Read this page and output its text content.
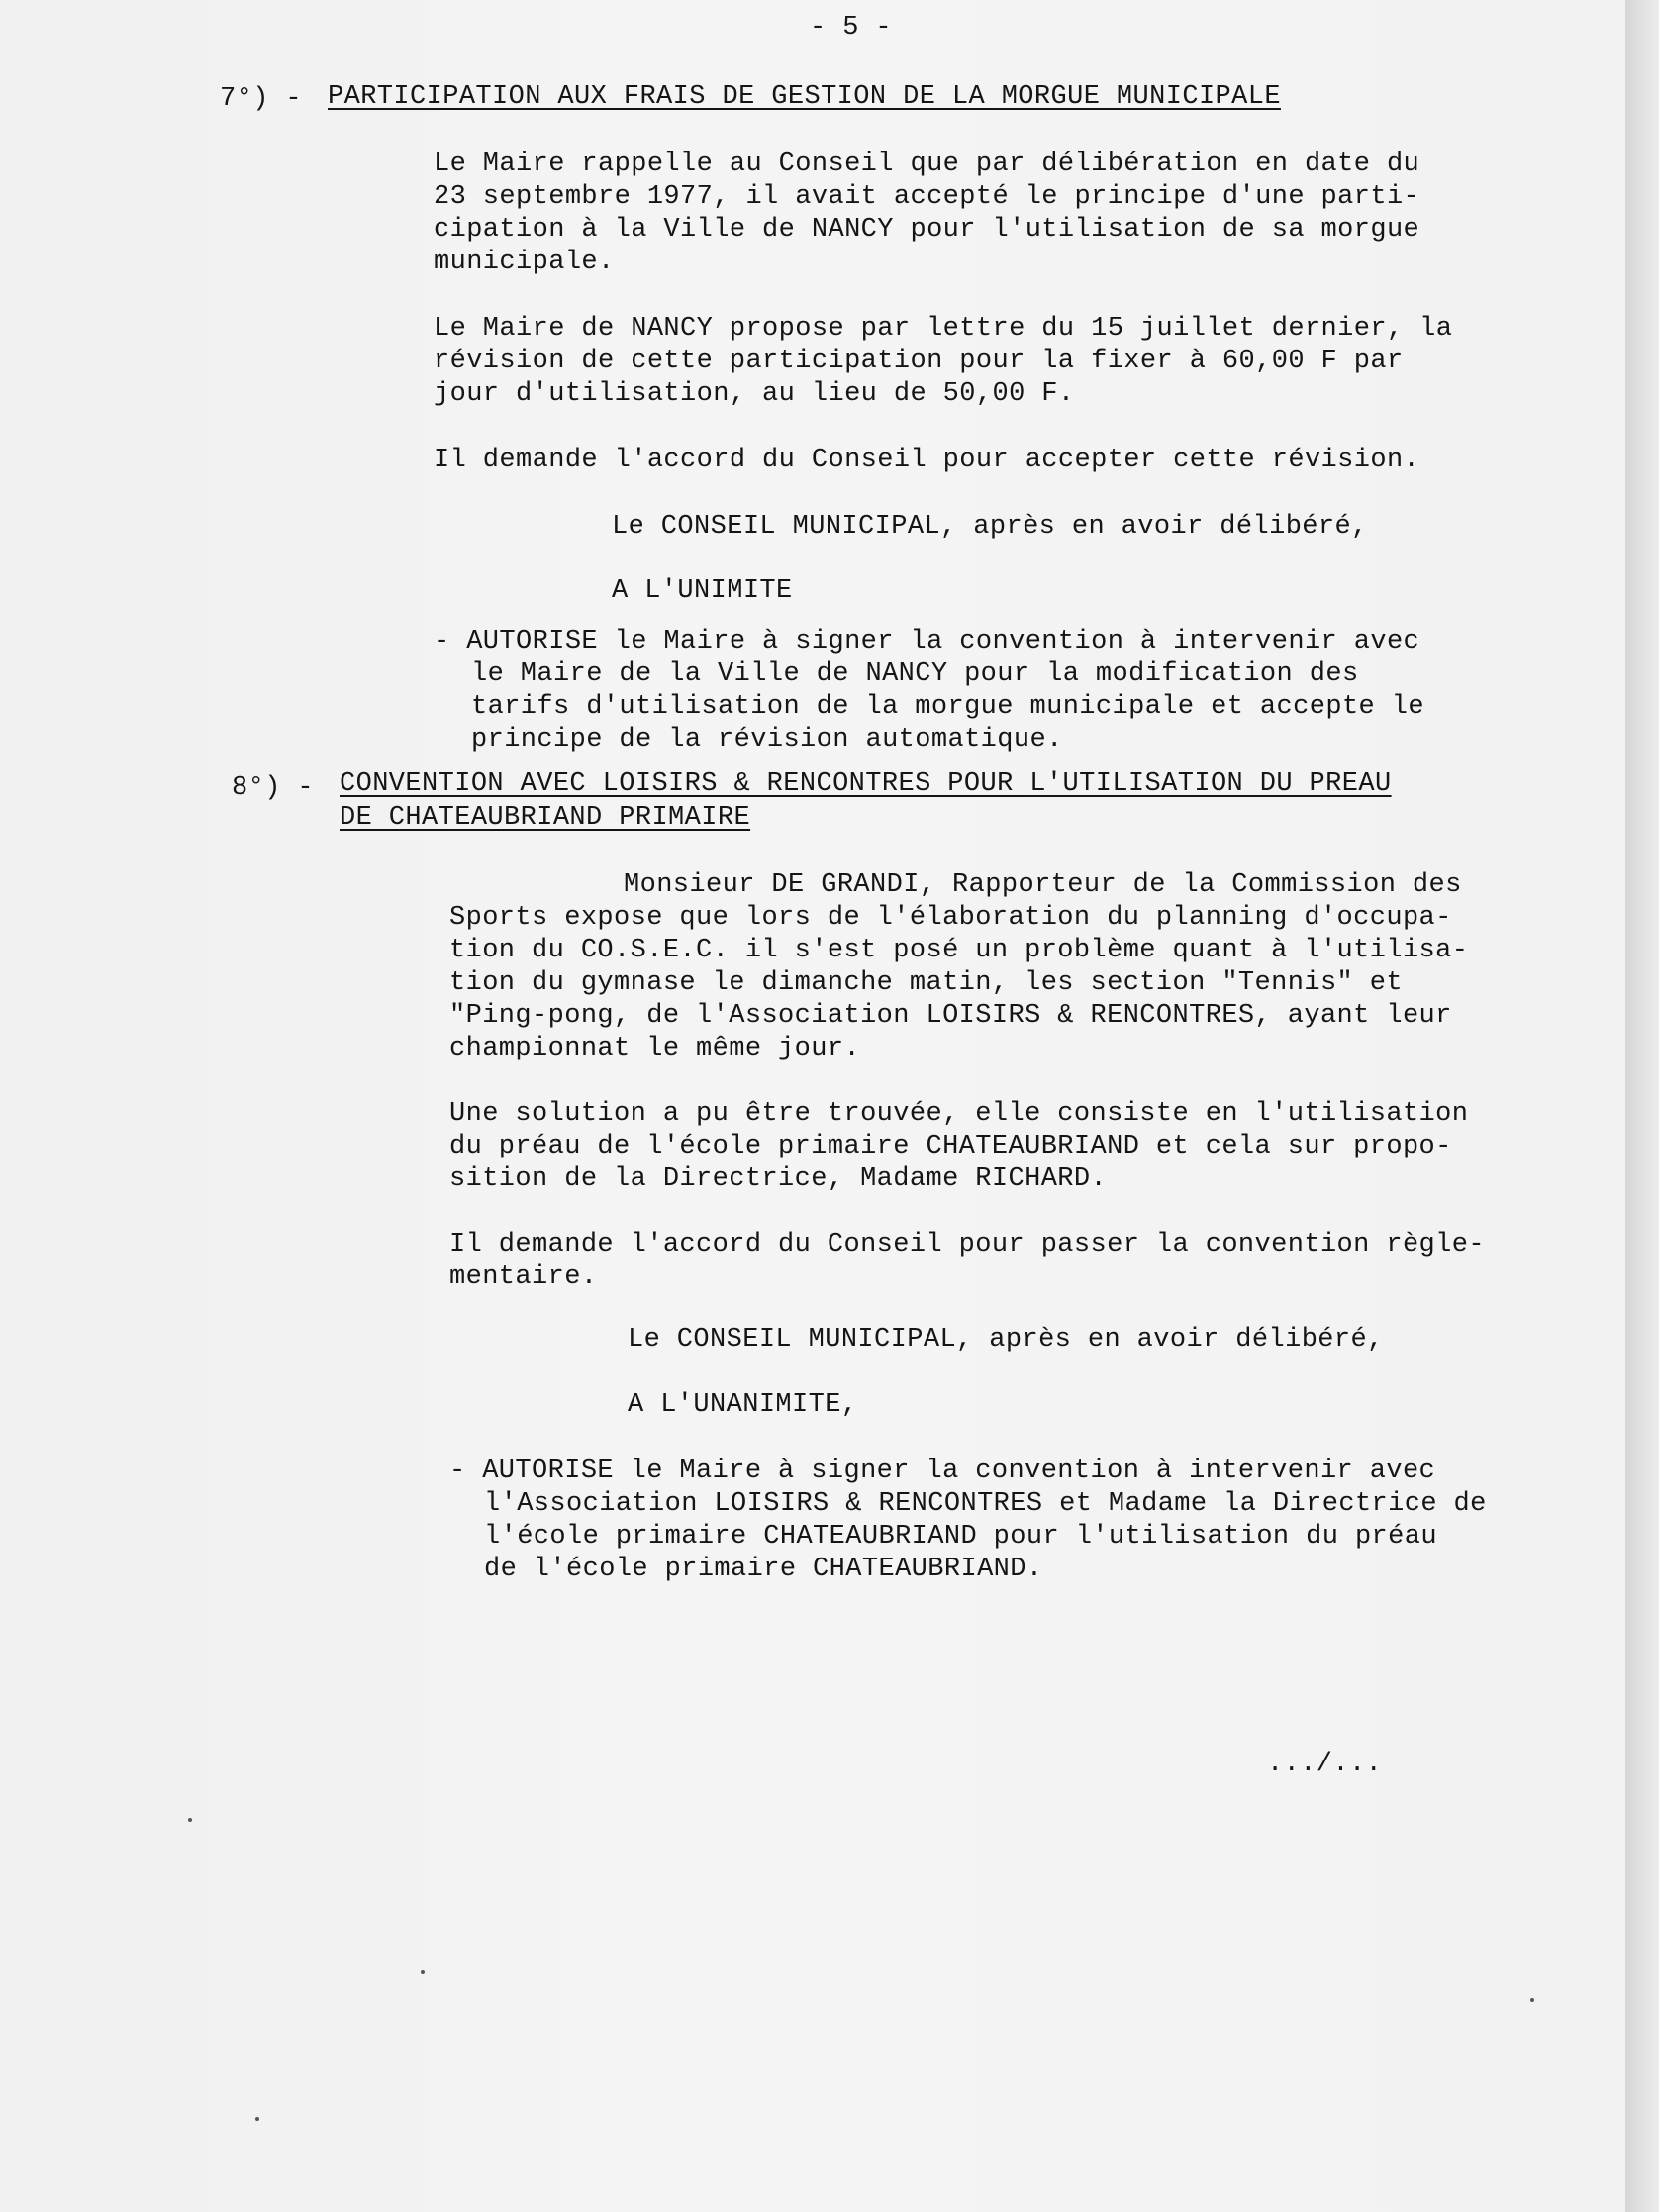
- 5 -
7°) - PARTICIPATION AUX FRAIS DE GESTION DE LA MORGUE MUNICIPALE
Le Maire rappelle au Conseil que par délibération en date du
23 septembre 1977, il avait accepté le principe d'une parti-
cipation à la Ville de NANCY pour l'utilisation de sa morgue
municipale.
Le Maire de NANCY propose par lettre du 15 juillet dernier, la
révision de cette participation pour la fixer à 60,00 F par
jour d'utilisation, au lieu de 50,00 F.
Il demande l'accord du Conseil pour accepter cette révision.
Le CONSEIL MUNICIPAL, après en avoir délibéré,
A L'UNIMITE
- AUTORISE le Maire à signer la convention à intervenir avec
le Maire de la Ville de NANCY pour la modification des
tarifs d'utilisation de la morgue municipale et accepte le
principe de la révision automatique.
8°) - CONVENTION AVEC LOISIRS & RENCONTRES POUR L'UTILISATION DU PREAU
DE CHATEAUBRIAND PRIMAIRE
Monsieur DE GRANDI, Rapporteur de la Commission des
Sports expose que lors de l'élaboration du planning d'occupa-
tion du CO.S.E.C. il s'est posé un problème quant à l'utilisa-
tion du gymnase le dimanche matin, les section "Tennis" et
"Ping-pong, de l'Association LOISIRS & RENCONTRES, ayant leur
championnat le même jour.
Une solution a pu être trouvée, elle consiste en l'utilisation
du préau de l'école primaire CHATEAUBRIAND et cela sur propo-
sition de la Directrice, Madame RICHARD.
Il demande l'accord du Conseil pour passer la convention règle-
mentaire.
Le CONSEIL MUNICIPAL, après en avoir délibéré,
A L'UNANIMITE,
- AUTORISE le Maire à signer la convention à intervenir avec
l'Association LOISIRS & RENCONTRES et Madame la Directrice de
l'école primaire CHATEAUBRIAND pour l'utilisation du préau
de l'école primaire CHATEAUBRIAND.
.../...
